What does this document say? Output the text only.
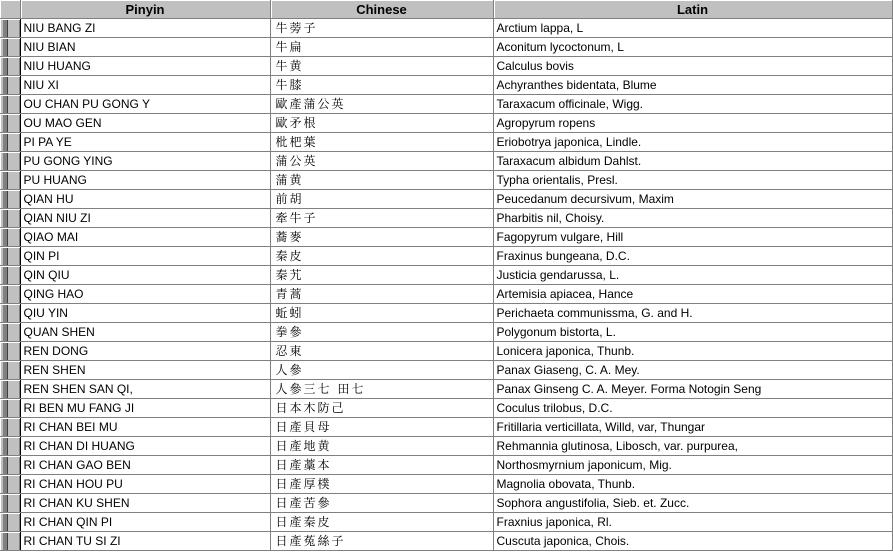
	Pinyin	Chinese	Latin

	NIU BANG ZI	牛蒡子	Arctium lappa, L

	NIU BIAN	牛扁	Aconitum lycoctonum, L

	NIU HUANG	牛黄	Calculus bovis

	NIU XI	牛膝	Achyranthes bidentata, Blume

	OU CHAN PU GONG Y	歐產蒲公英	Taraxacum officinale, Wigg.

	OU MAO GEN	歐矛根	Agropyrum ropens

	PI PA YE	枇杷葉	Eriobotrya japonica, Lindle.

	PU GONG YING	蒲公英	Taraxacum albidum Dahlst.

	PU HUANG	蒲黄	Typha orientalis, Presl.

	QIAN HU	前胡	Peucedanum decursivum, Maxim

	QIAN NIU ZI	牽牛子	Pharbitis nil, Choisy.

	QIAO MAI	蕎麥	Fagopyrum vulgare, Hill

	QIN PI	秦皮	Fraxinus bungeana, D.C.

	QIN QIU	秦艽	Justicia gendarussa, L.

	QING HAO	青蒿	Artemisia apiacea, Hance

	QIU YIN	蚯蚓	Perichaeta communissma, G. and H.

	QUAN SHEN	拳參	Polygonum bistorta, L.

	REN DONG	忍東	Lonicera japonica, Thunb.

	REN SHEN	人參	Panax Giaseng, C. A. Mey.

	REN SHEN SAN QI,	人參三七 田七	Panax Ginseng C. A. Meyer. Forma Notogin Seng

	RI BEN MU FANG JI	日本木防己	Coculus trilobus, D.C.

	RI CHAN BEI MU	日產貝母	Fritillaria verticillata, Willd, var, Thungar

	RI CHAN DI HUANG	日產地黄	Rehmannia glutinosa, Libosch, var. purpurea,

	RI CHAN GAO BEN	日產藁本	Northosmyrnium japonicum, Mig.

	RI CHAN HOU PU	日產厚樸	Magnolia obovata, Thunb.

	RI CHAN KU SHEN	日產苦參	Sophora angustifolia, Sieb. et. Zucc.

	RI CHAN QIN PI	日產秦皮	Fraxnius japonica, Rl.

	RI CHAN TU SI ZI	日產菟絲子	Cuscuta japonica, Chois.
